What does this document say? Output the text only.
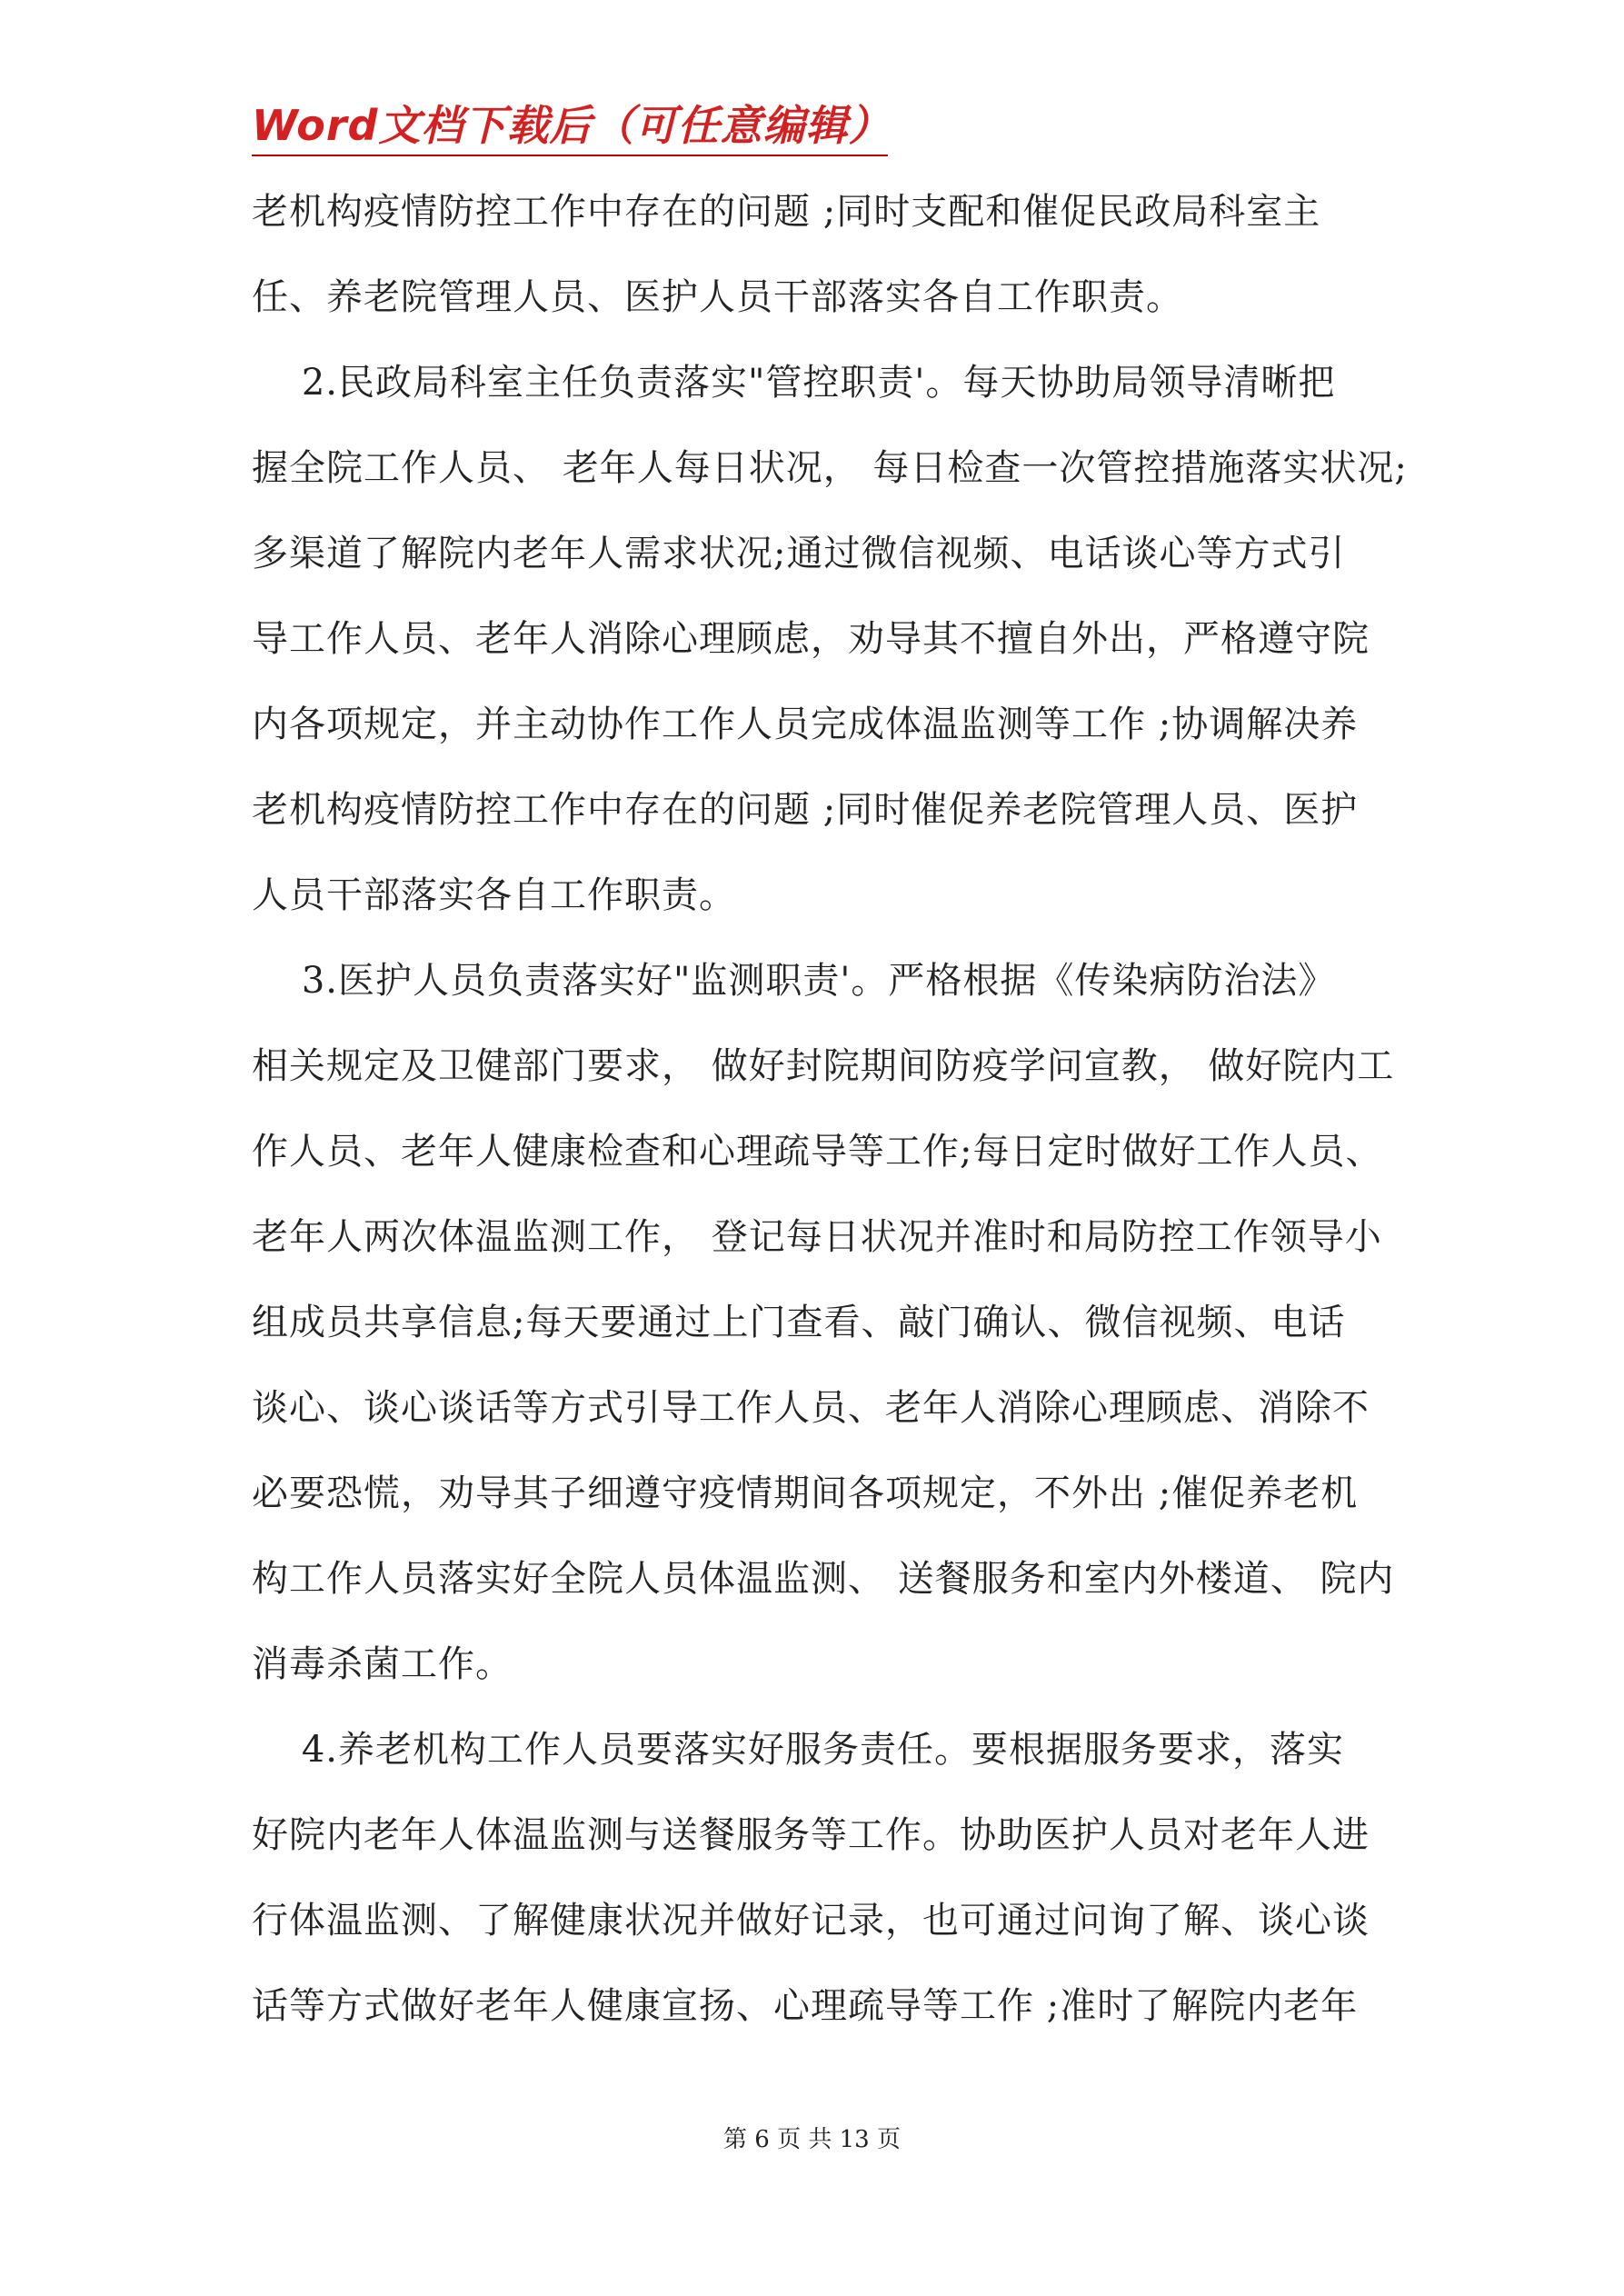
Word文档下载后（可任意编辑）
老机构疫情防控工作中存在的问题 ;同时支配和催促民政局科室主
任、养老院管理人员、医护人员干部落实各自工作职责。
2.民政局科室主任负责落实"管控职责'。每天协助局领导清晰把
握全院工作人员、 老年人每日状况， 每日检查一次管控措施落实状况;
多渠道了解院内老年人需求状况;通过微信视频、电话谈心等方式引
导工作人员、老年人消除心理顾虑，劝导其不擅自外出，严格遵守院
内各项规定，并主动协作工作人员完成体温监测等工作 ;协调解决养
老机构疫情防控工作中存在的问题 ;同时催促养老院管理人员、医护
人员干部落实各自工作职责。
3.医护人员负责落实好"监测职责'。严格根据《传染病防治法》
相关规定及卫健部门要求， 做好封院期间防疫学问宣教， 做好院内工
作人员、老年人健康检查和心理疏导等工作;每日定时做好工作人员、
老年人两次体温监测工作， 登记每日状况并准时和局防控工作领导小
组成员共享信息;每天要通过上门查看、敲门确认、微信视频、电话
谈心、谈心谈话等方式引导工作人员、老年人消除心理顾虑、消除不
必要恐慌，劝导其子细遵守疫情期间各项规定，不外出 ;催促养老机
构工作人员落实好全院人员体温监测、 送餐服务和室内外楼道、 院内
消毒杀菌工作。
4.养老机构工作人员要落实好服务责任。要根据服务要求，落实
好院内老年人体温监测与送餐服务等工作。协助医护人员对老年人进
行体温监测、了解健康状况并做好记录，也可通过问询了解、谈心谈
话等方式做好老年人健康宣扬、心理疏导等工作 ;准时了解院内老年
第 6 页 共 13 页
